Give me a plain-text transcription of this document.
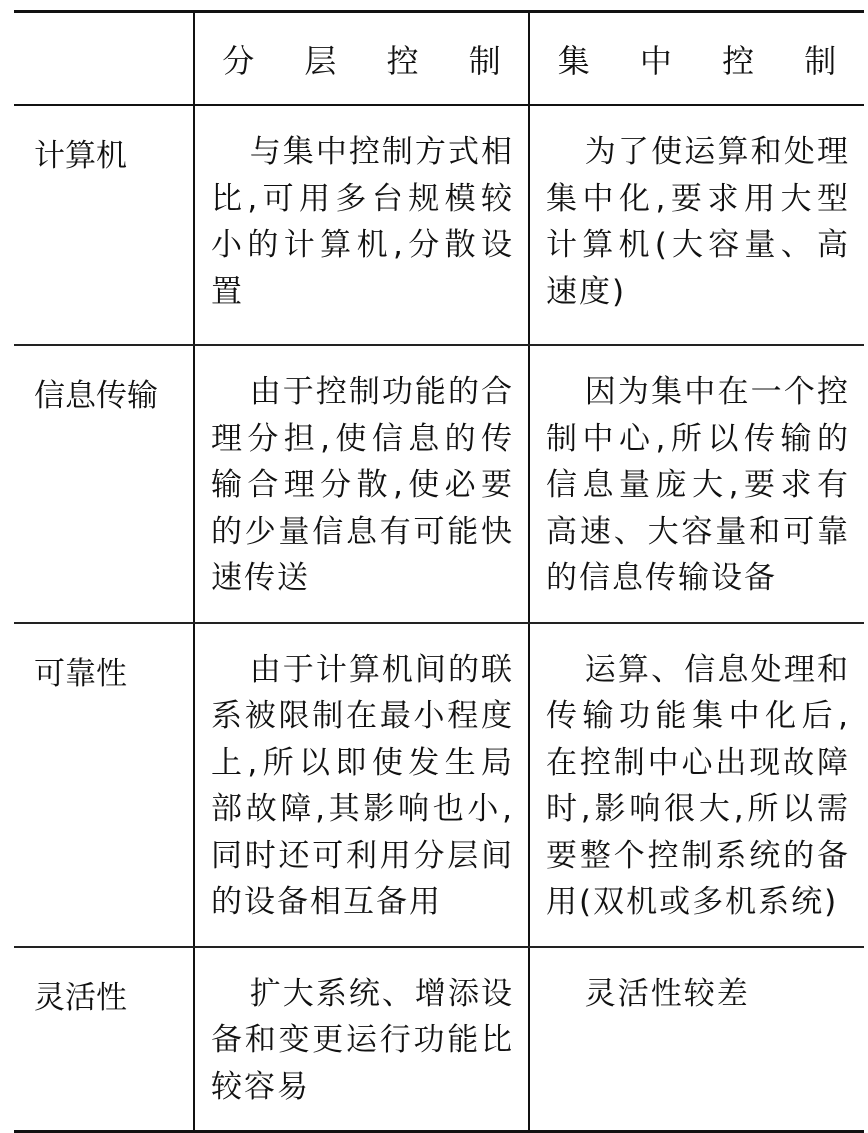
	分 层 控 制	集 中 控 制

计算机	与集中控制方式相比,可用多台规模较小的计算机,分散设置	为了使运算和处理集中化,要求用大型计算机(大容量、高速度)

信息传输	由于控制功能的合理分担,使信息的传输合理分散,使必要的少量信息有可能快速传送	因为集中在一个控制中心,所以传输的信息量庞大,要求有高速、大容量和可靠的信息传输设备

可靠性	由于计算机间的联系被限制在最小程度上,所以即使发生局部故障,其影响也小,同时还可利用分层间的设备相互备用	运算、信息处理和传输功能集中化后,在控制中心出现故障时,影响很大,所以需要整个控制系统的备用(双机或多机系统)

灵活性	扩大系统、增添设备和变更运行功能比较容易	灵活性较差
